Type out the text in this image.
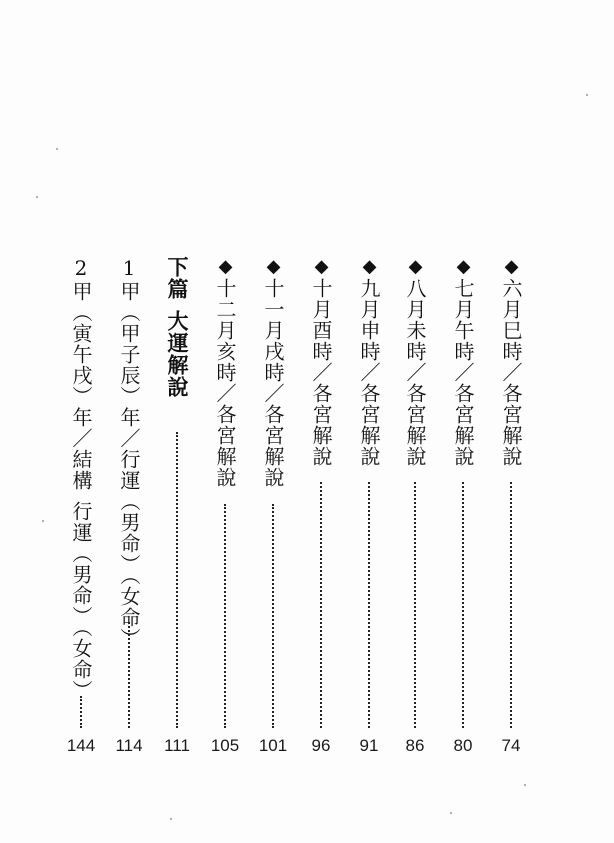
◆六月巳時／各宮解說
74
◆七月午時／各宮解說
80
◆八月未時／各宮解說
86
◆九月申時／各宮解說
91
◆十月酉時／各宮解說
96
◆十一月戌時／各宮解說
101
◆十二月亥時／各宮解說
105
下篇大運解說
111
1甲（甲子辰）年／行運（男命）（女命）
114
2甲（寅午戌）年／結構行運（男命）（女命）
144
